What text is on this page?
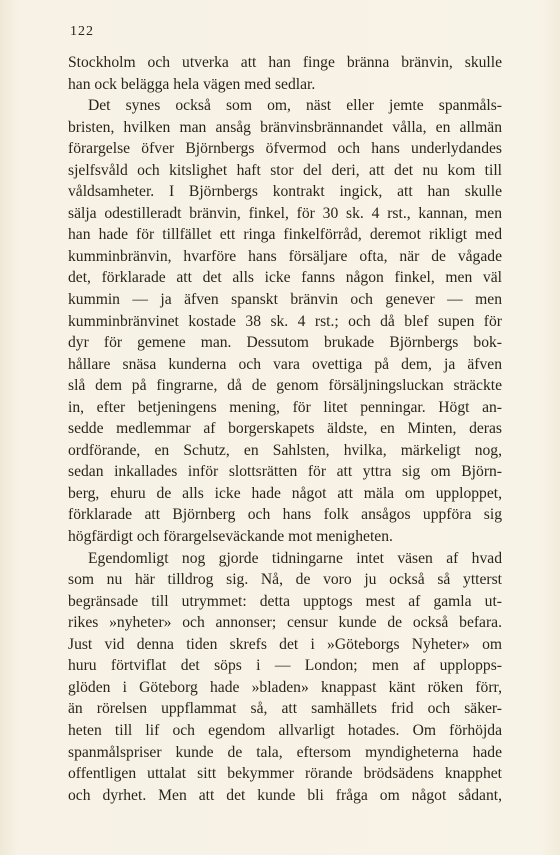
122
Stockholm och utverka att han finge bränna bränvin, skulle
han ock belägga hela vägen med sedlar.
Det synes också som om, näst eller jemte spanmåls-
bristen, hvilken man ansåg bränvinsbrännandet vålla, en allmän
förargelse öfver Björnbergs öfvermod och hans underlydandes
sjelfsvåld och kitslighet haft stor del deri, att det nu kom till
våldsamheter. I Björnbergs kontrakt ingick, att han skulle
sälja odestilleradt bränvin, finkel, för 30 sk. 4 rst., kannan, men
han hade för tillfället ett ringa finkelförråd, deremot rikligt med
kumminbränvin, hvarföre hans försäljare ofta, när de vågade
det, förklarade att det alls icke fanns någon finkel, men väl
kummin — ja äfven spanskt bränvin och genever — men
kumminbränvinet kostade 38 sk. 4 rst.; och då blef supen för
dyr för gemene man. Dessutom brukade Björnbergs bok-
hållare snäsa kunderna och vara ovettiga på dem, ja äfven
slå dem på fingrarne, då de genom försäljningsluckan sträckte
in, efter betjeningens mening, för litet penningar. Högt an-
sedde medlemmar af borgerskapets äldste, en Minten, deras
ordförande, en Schutz, en Sahlsten, hvilka, märkeligt nog,
sedan inkallades inför slottsrätten för att yttra sig om Björn-
berg, ehuru de alls icke hade något att mäla om upploppet,
förklarade att Björnberg och hans folk ansågos uppföra sig
högfärdigt och förargelseväckande mot menigheten.
Egendomligt nog gjorde tidningarne intet väsen af hvad
som nu här tilldrog sig. Nå, de voro ju också så ytterst
begränsade till utrymmet: detta upptogs mest af gamla ut-
rikes »nyheter» och annonser; censur kunde de också befara.
Just vid denna tiden skrefs det i »Göteborgs Nyheter» om
huru förtviflat det söps i — London; men af upplopps-
glöden i Göteborg hade »bladen» knappast känt röken förr,
än rörelsen uppflammat så, att samhällets frid och säker-
heten till lif och egendom allvarligt hotades. Om förhöjda
spanmålspriser kunde de tala, eftersom myndigheterna hade
offentligen uttalat sitt bekymmer rörande brödsädens knapphet
och dyrhet. Men att det kunde bli fråga om något sådant,
